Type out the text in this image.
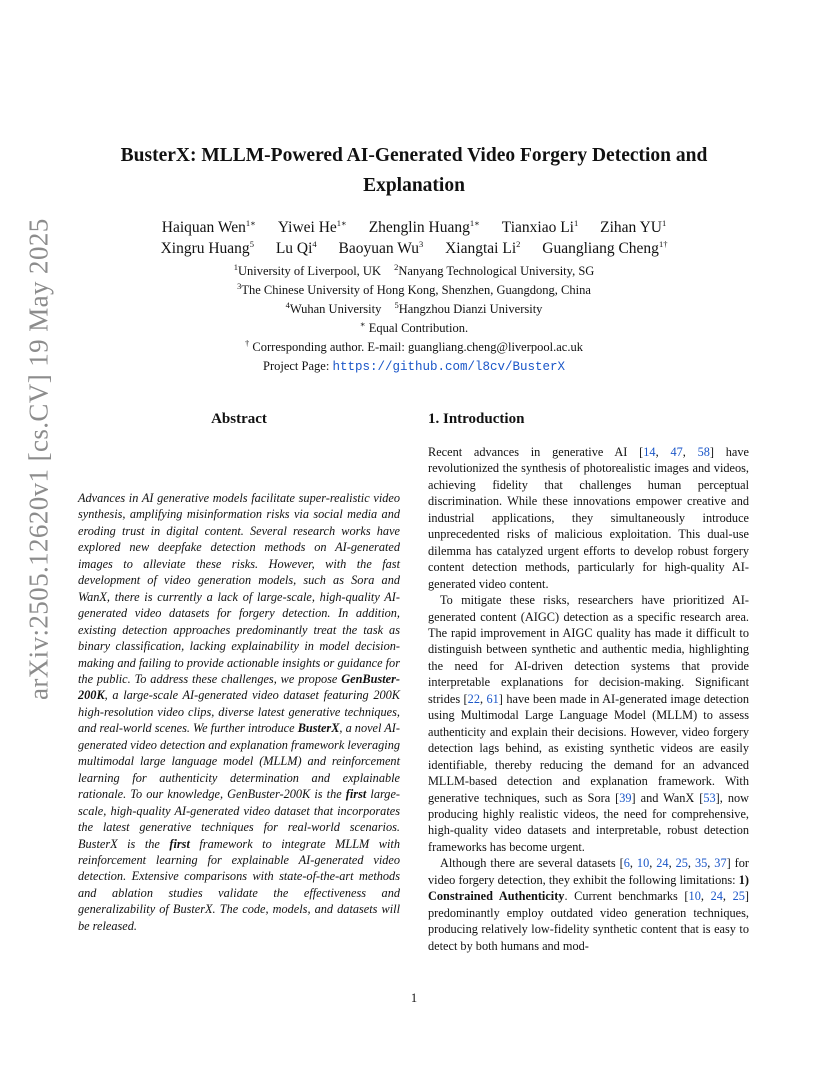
arXiv:2505.12620v1 [cs.CV] 19 May 2025
BusterX: MLLM-Powered AI-Generated Video Forgery Detection and
Explanation
Haiquan Wen$^{1∗}$ Yiwei $He^{1∗}$ Zhenglin Huang$^{1∗}$ Tianxiao Li$^1$ Zihan $YU^1$
Xingru Huang$^5$ Lu Qi$^4$ Baoyuan Wu$^3$ Xiangtai Li$^2$ Guangliang Cheng$^{1\dagger}$
$^1$University of Liverpool, UK $^2$Nanyang Technological University, SG
$^3$The Chinese University of Hong Kong, Shenzhen, Guangdong, China
$^4$Wuhan University $^5$Hangzhou Dianzi University
∗ Equal Contribution.
† Corresponding author. E-mail: guangliang.cheng@liverpool.ac.uk
Project Page: https://github.com/l8cv/BusterX
Abstract
Advances in AI generative models facilitate super-realistic video synthesis, amplifying misinformation risks via social media and eroding trust in digital content. Several research works have explored new deepfake detection methods on AI-generated images to alleviate these risks. However, with the fast development of video generation models, such as Sora and WanX, there is currently a lack of large-scale, high-quality AI-generated video datasets for forgery detection. In addition, existing detection approaches predominantly treat the task as binary classification, lacking explainability in model decision-making and failing to provide actionable insights or guidance for the public. To address these challenges, we propose GenBuster-200K, a large-scale AI-generated video dataset featuring 200K high-resolution video clips, diverse latest generative techniques, and real-world scenes. We further introduce BusterX, a novel AI-generated video detection and explanation framework leveraging multimodal large language model (MLLM) and reinforcement learning for authenticity determination and explainable rationale. To our knowledge, GenBuster-200K is the first large-scale, high-quality AI-generated video dataset that incorporates the latest generative techniques for real-world scenarios. BusterX is the first framework to integrate MLLM with reinforcement learning for explainable AI-generated video detection. Extensive comparisons with state-of-the-art methods and ablation studies validate the effectiveness and generalizability of BusterX. The code, models, and datasets will be released.
1. Introduction

Recent advances in generative AI [14, 47, 58] have revolutionized the synthesis of photorealistic images and videos, achieving fidelity that challenges human perceptual discrimination. While these innovations empower creative and industrial applications, they simultaneously introduce unprecedented risks of malicious exploitation. This dual-use dilemma has catalyzed urgent efforts to develop robust forgery content detection methods, particularly for high-quality AI-generated video content.

To mitigate these risks, researchers have prioritized AI-generated content (AIGC) detection as a specific research area. The rapid improvement in AIGC quality has made it difficult to distinguish between synthetic and authentic media, highlighting the need for AI-driven detection systems that provide interpretable explanations for decision-making. Significant strides [22, 61] have been made in AI-generated image detection using Multimodal Large Language Model (MLLM) to assess authenticity and explain their decisions. However, video forgery detection lags behind, as existing synthetic videos are easily identifiable, thereby reducing the demand for an advanced MLLM-based detection and explanation framework. With generative techniques, such as Sora [39] and WanX [53], now producing highly realistic videos, the need for comprehensive, high-quality video datasets and interpretable, robust detection frameworks has become urgent.

Although there are several datasets [6, 10, 24, 25, 35, 37] for video forgery detection, they exhibit the following limitations: 1) Constrained Authenticity. Current benchmarks [10, 24, 25] predominantly employ outdated video generation techniques, producing relatively low-fidelity synthetic content that is easy to detect by both humans and mod-

1
